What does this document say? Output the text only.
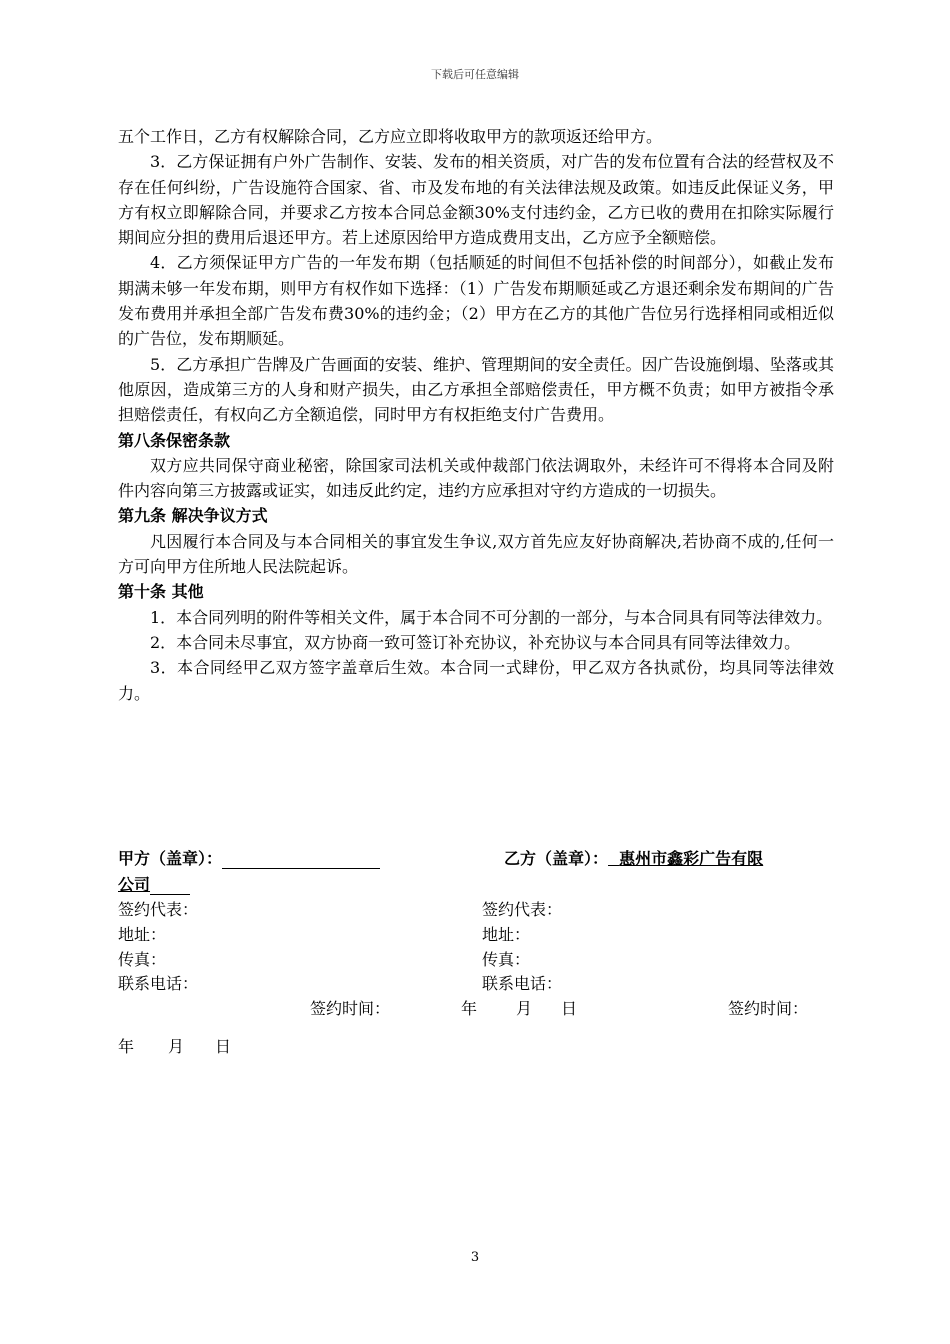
下载后可任意编辑

五个工作日，乙方有权解除合同，乙方应立即将收取甲方的款项返还给甲方。

3．乙方保证拥有户外广告制作、安装、发布的相关资质，对广告的发布位置有合法的经营权及不存在任何纠纷，广告设施符合国家、省、市及发布地的有关法律法规及政策。如违反此保证义务，甲方有权立即解除合同，并要求乙方按本合同总金额30%支付违约金，乙方已收的费用在扣除实际履行期间应分担的费用后退还甲方。若上述原因给甲方造成费用支出，乙方应予全额赔偿。

4．乙方须保证甲方广告的一年发布期（包括顺延的时间但不包括补偿的时间部分），如截止发布期满未够一年发布期，则甲方有权作如下选择：（1）广告发布期顺延或乙方退还剩余发布期间的广告发布费用并承担全部广告发布费30%的违约金；（2）甲方在乙方的其他广告位另行选择相同或相近似的广告位，发布期顺延。

5．乙方承担广告牌及广告画面的安装、维护、管理期间的安全责任。因广告设施倒塌、坠落或其他原因，造成第三方的人身和财产损失，由乙方承担全部赔偿责任，甲方概不负责；如甲方被指令承担赔偿责任，有权向乙方全额追偿，同时甲方有权拒绝支付广告费用。

第八条保密条款

双方应共同保守商业秘密，除国家司法机关或仲裁部门依法调取外，未经许可不得将本合同及附件内容向第三方披露或证实，如违反此约定，违约方应承担对守约方造成的一切损失。

第九条 解决争议方式

凡因履行本合同及与本合同相关的事宜发生争议,双方首先应友好协商解决,若协商不成的,任何一方可向甲方住所地人民法院起诉。

第十条 其他

1．本合同列明的附件等相关文件，属于本合同不可分割的一部分，与本合同具有同等法律效力。

2．本合同未尽事宜，双方协商一致可签订补充协议，补充协议与本合同具有同等法律效力。

3．本合同经甲乙双方签字盖章后生效。本合同一式肆份，甲乙双方各执贰份，均具同等法律效力。

甲方（盖章）：	乙方（盖章）： 惠州市鑫彩广告有限
公司
签约代表：	签约代表：
地址：	地址：
传真：	传真：
联系电话：	联系电话：
签约时间：	年 月 日	签约时间：
年 月 日
3
